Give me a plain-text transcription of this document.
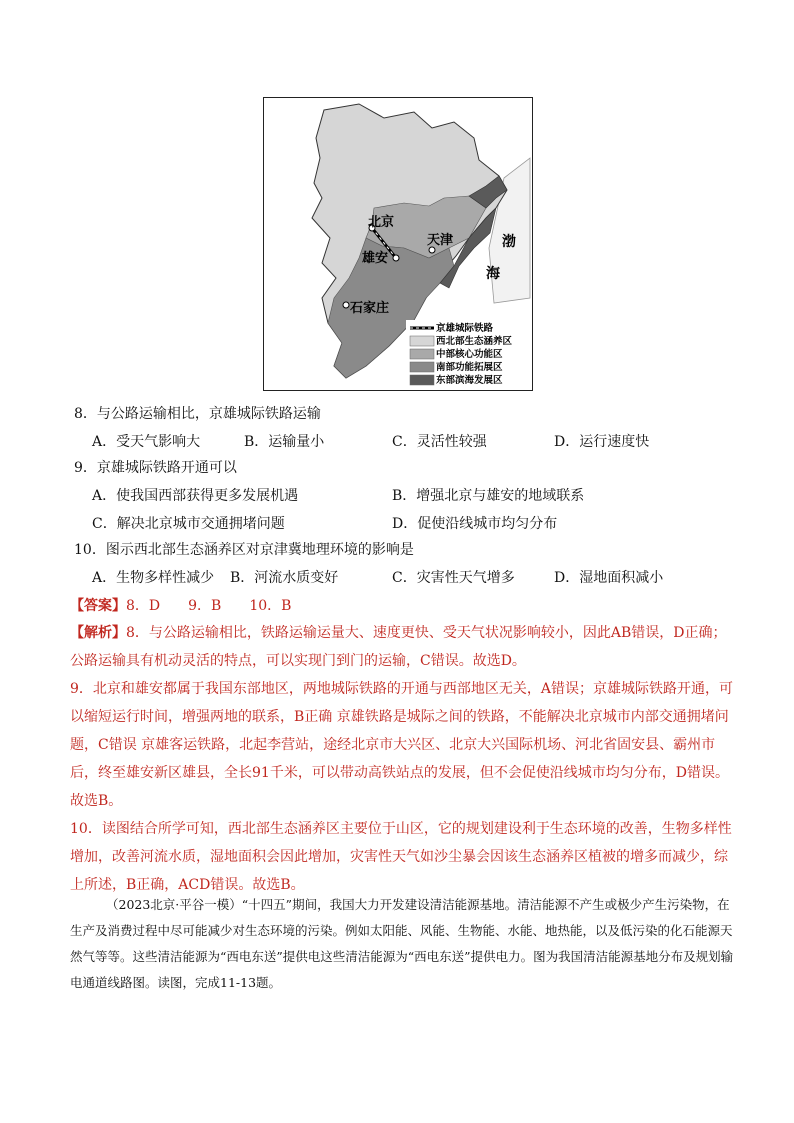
北京
天津
雄安
石家庄
渤
海
京雄城际铁路
西北部生态涵养区
中部核心功能区
南部功能拓展区
东部滨海发展区
8．与公路运输相比，京雄城际铁路运输
A．受天气影响大	B．运输量小	C．灵活性较强	D．运行速度快
9．京雄城际铁路开通可以
A．使我国西部获得更多发展机遇	B．增强北京与雄安的地域联系
C．解决北京城市交通拥堵问题	D．促使沿线城市均匀分布
10．图示西北部生态涵养区对京津冀地理环境的影响是
A．生物多样性减少 B．河流水质变好	C．灾害性天气增多	D．湿地面积减小
【答案】8．D 9．B 10．B
【解析】8．与公路运输相比，铁路运输运量大、速度更快、受天气状况影响较小，因此AB错误，D正确；公路运输具有机动灵活的特点，可以实现门到门的运输，C错误。故选D。
9．北京和雄安都属于我国东部地区，两地城际铁路的开通与西部地区无关，A错误；京雄城际铁路开通，可以缩短运行时间，增强两地的联系，B正确 京雄铁路是城际之间的铁路，不能解决北京城市内部交通拥堵问题，C错误 京雄客运铁路，北起李营站，途经北京市大兴区、北京大兴国际机场、河北省固安县、霸州市后，终至雄安新区雄县，全长91千米，可以带动高铁站点的发展，但不会促使沿线城市均匀分布，D错误。故选B。
10．读图结合所学可知，西北部生态涵养区主要位于山区，它的规划建设利于生态环境的改善，生物多样性增加，改善河流水质，湿地面积会因此增加，灾害性天气如沙尘暴会因该生态涵养区植被的增多而减少，综上所述，B正确，ACD错误。故选B。
（2023北京·平谷一模）“十四五”期间，我国大力开发建设清洁能源基地。清洁能源不产生或极少产生污染物，在生产及消费过程中尽可能减少对生态环境的污染。例如太阳能、风能、生物能、水能、地热能，以及低污染的化石能源天然气等等。这些清洁能源为“西电东送”提供电这些清洁能源为“西电东送”提供电力。图为我国清洁能源基地分布及规划输电通道线路图。读图，完成11-13题。
